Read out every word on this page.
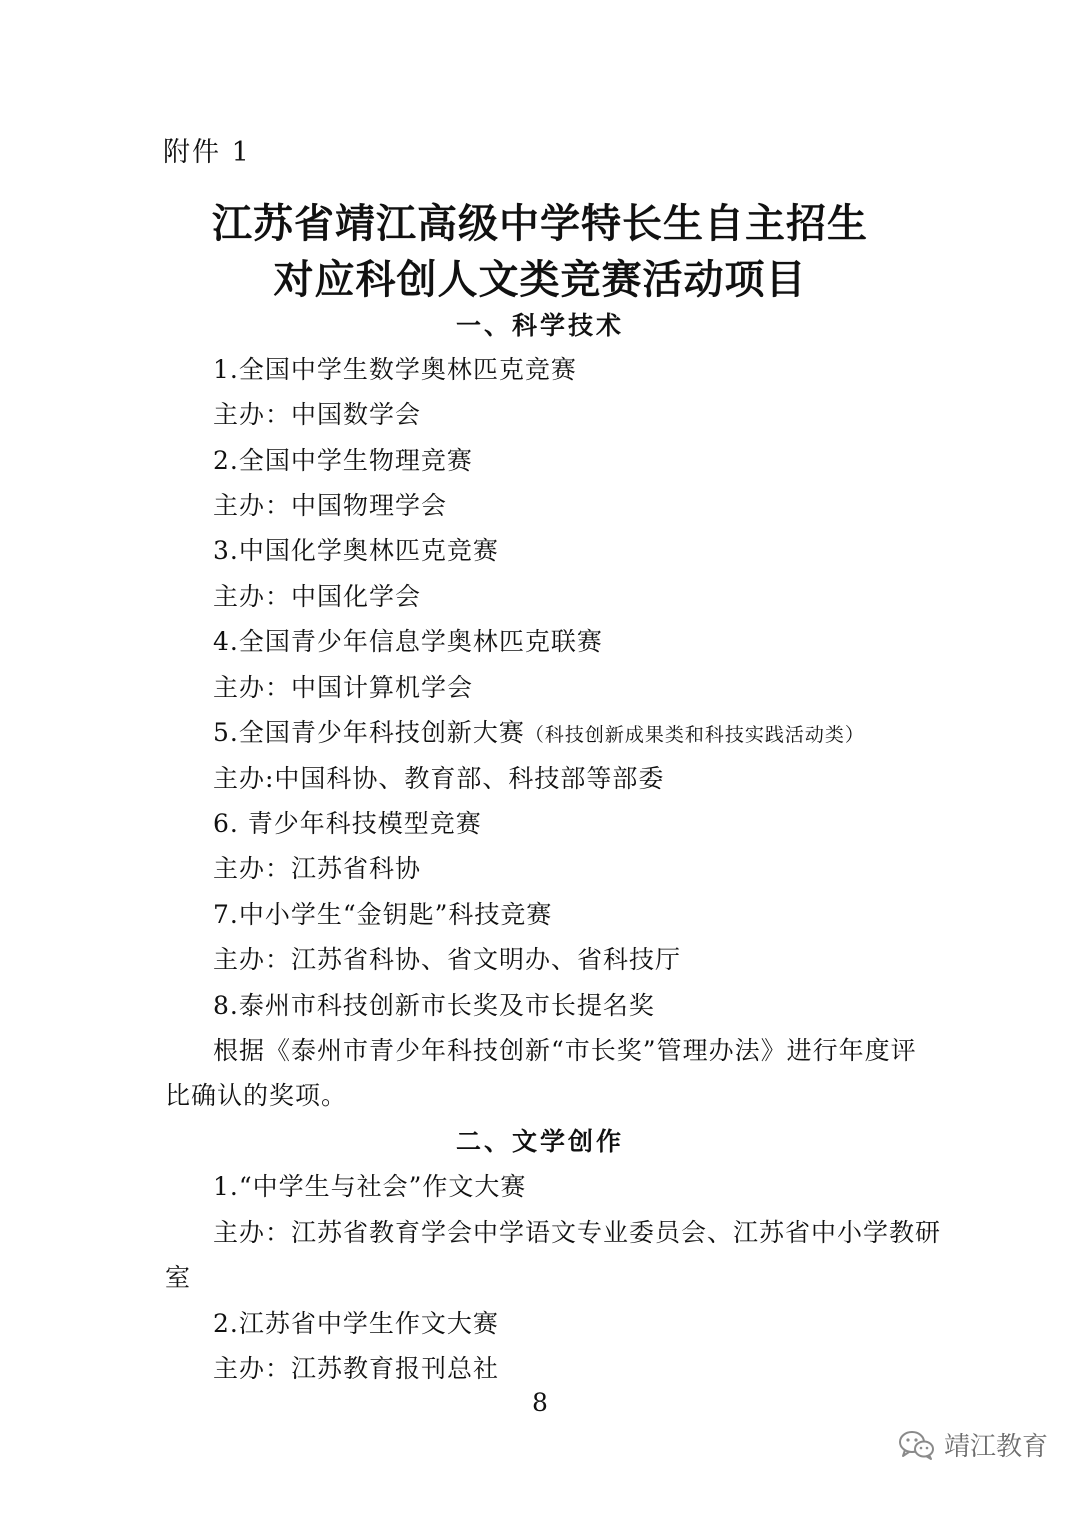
附件 1
江苏省靖江高级中学特长生自主招生
对应科创人文类竞赛活动项目
一、科学技术
1.全国中学生数学奥林匹克竞赛
主办：中国数学会
2.全国中学生物理竞赛
主办：中国物理学会
3.中国化学奥林匹克竞赛
主办：中国化学会
4.全国青少年信息学奥林匹克联赛
主办：中国计算机学会
5.全国青少年科技创新大赛（科技创新成果类和科技实践活动类）
主办:中国科协、教育部、科技部等部委
6. 青少年科技模型竞赛
主办：江苏省科协
7.中小学生“金钥匙”科技竞赛
主办：江苏省科协、省文明办、省科技厅
8.泰州市科技创新市长奖及市长提名奖
根据《泰州市青少年科技创新“市长奖”管理办法》进行年度评
比确认的奖项。
二、文学创作
1.“中学生与社会”作文大赛
主办：江苏省教育学会中学语文专业委员会、江苏省中小学教研
室
2.江苏省中学生作文大赛
主办：江苏教育报刊总社
8
靖江教育
